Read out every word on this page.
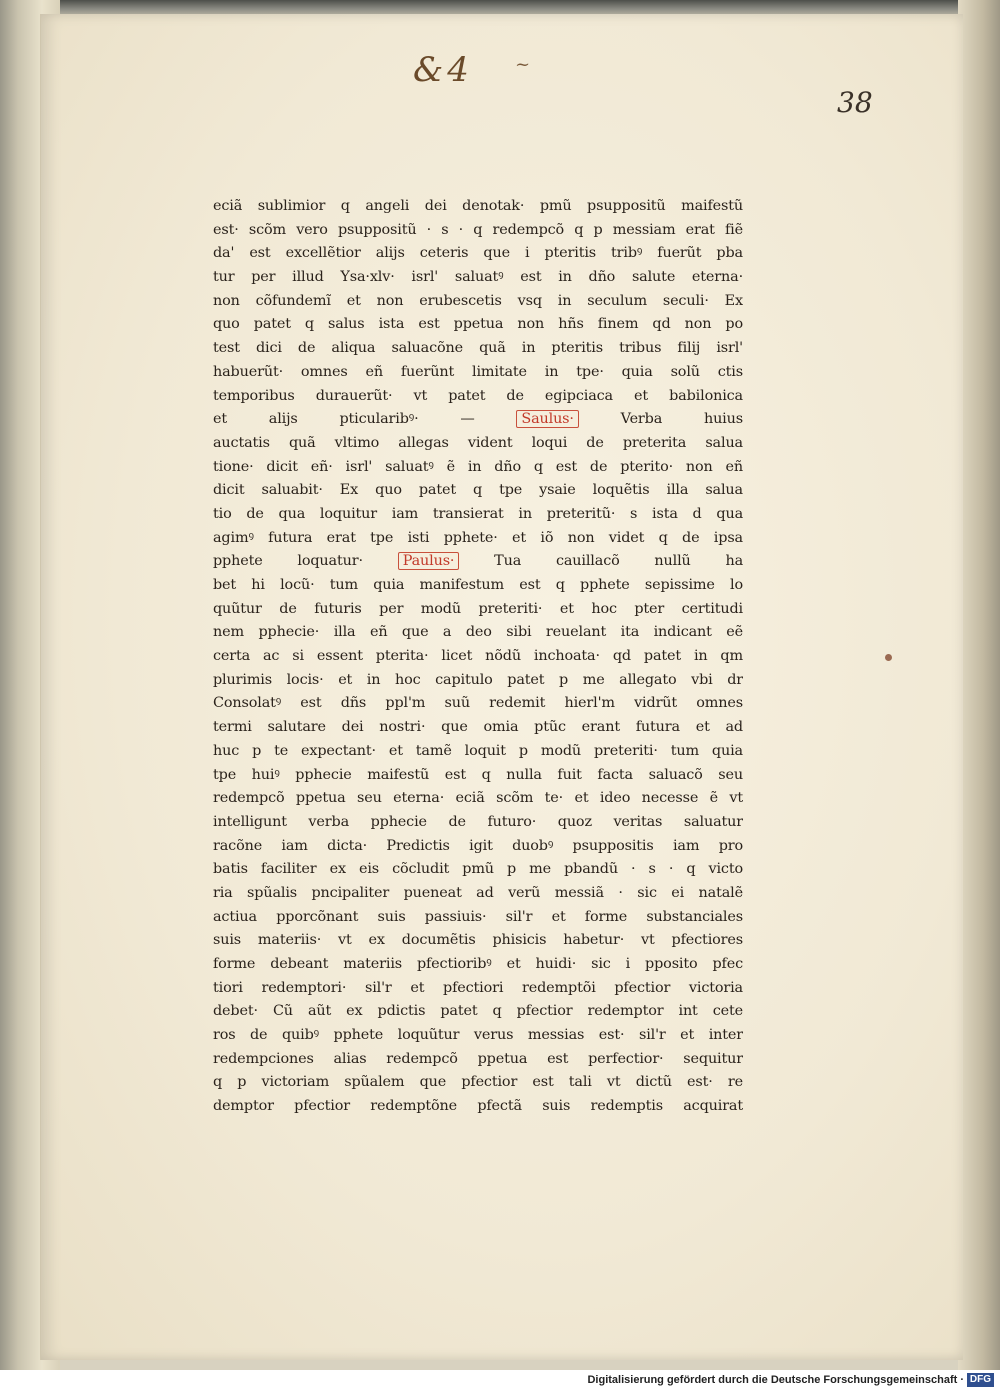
&4 ~
38
eciã sublimior q angeli dei denotak· pmũ psuppositũ maifestũ
est· scõm vero psuppositũ · s · q redempcõ q p messiam erat fiẽ
da' est excellẽtior alijs ceteris que i pteritis tribꝰ fuerũt pba
tur per illud Ysa·xlv· isrl' saluatꝰ est in dño salute eterna·
non cõfundemĩ et non erubescetis vsq in seculum seculi· Ex
quo patet q salus ista est ppetua non hñs finem qd non po
test dici de aliqua saluacõne quã in pteritis tribus filij isrl'
habuerũt· omnes eñ fuerũnt limitate in tpe· quia solũ ctis
temporibus durauerũt· vt patet de egipciaca et babilonica
et alijs pticularibꝰ· — Saulus· Verba huius
auctatis quã vltimo allegas vident loqui de preterita salua
tione· dicit eñ· isrl' saluatꝰ ẽ in dño q est de pterito· non eñ
dicit saluabit· Ex quo patet q tpe ysaie loquẽtis illa salua
tio de qua loquitur iam transierat in preteritũ· s ista d qua
agimꝰ futura erat tpe isti pphete· et iõ non videt q de ipsa
pphete loquatur· Paulus· Tua cauillacõ nullũ ha
bet hi locũ· tum quia manifestum est q pphete sepissime lo
quũtur de futuris per modũ preteriti· et hoc pter certitudi
nem pphecie· illa eñ que a deo sibi reuelant ita indicant eẽ
certa ac si essent pterita· licet nõdũ inchoata· qd patet in qm
plurimis locis· et in hoc capitulo patet p me allegato vbi dr
Consolatꝰ est dñs ppl'm suũ redemit hierl'm vidrũt omnes
termi salutare dei nostri· que omia ptũc erant futura et ad
huc p te expectant· et tamẽ loquit p modũ preteriti· tum quia
tpe huiꝰ pphecie maifestũ est q nulla fuit facta saluacõ seu
redempcõ ppetua seu eterna· eciã scõm te· et ideo necesse ẽ vt
intelligunt verba pphecie de futuro· quoz veritas saluatur
racõne iam dicta· Predictis igit duobꝰ psuppositis iam pro
batis faciliter ex eis cõcludit pmũ p me pbandũ · s · q victo
ria spũalis pncipaliter pueneat ad verũ messiã · sic ei natalẽ
actiua pporcõnant suis passiuis· sil'r et forme substanciales
suis materiis· vt ex documẽtis phisicis habetur· vt pfectiores
forme debeant materiis pfectioribꝰ et huidi· sic i pposito pfec
tiori redemptori· sil'r et pfectiori redemptõi pfectior victoria
debet· Cũ aũt ex pdictis patet q pfectior redemptor int cete
ros de quibꝰ pphete loquũtur verus messias est· sil'r et inter
redempciones alias redempcõ ppetua est perfectior· sequitur
q p victoriam spũalem que pfectior est tali vt dictũ est· re
demptor pfectior redemptõne pfectã suis redemptis acquirat
Digitalisierung gefördert durch die Deutsche Forschungsgemeinschaft · DFG
